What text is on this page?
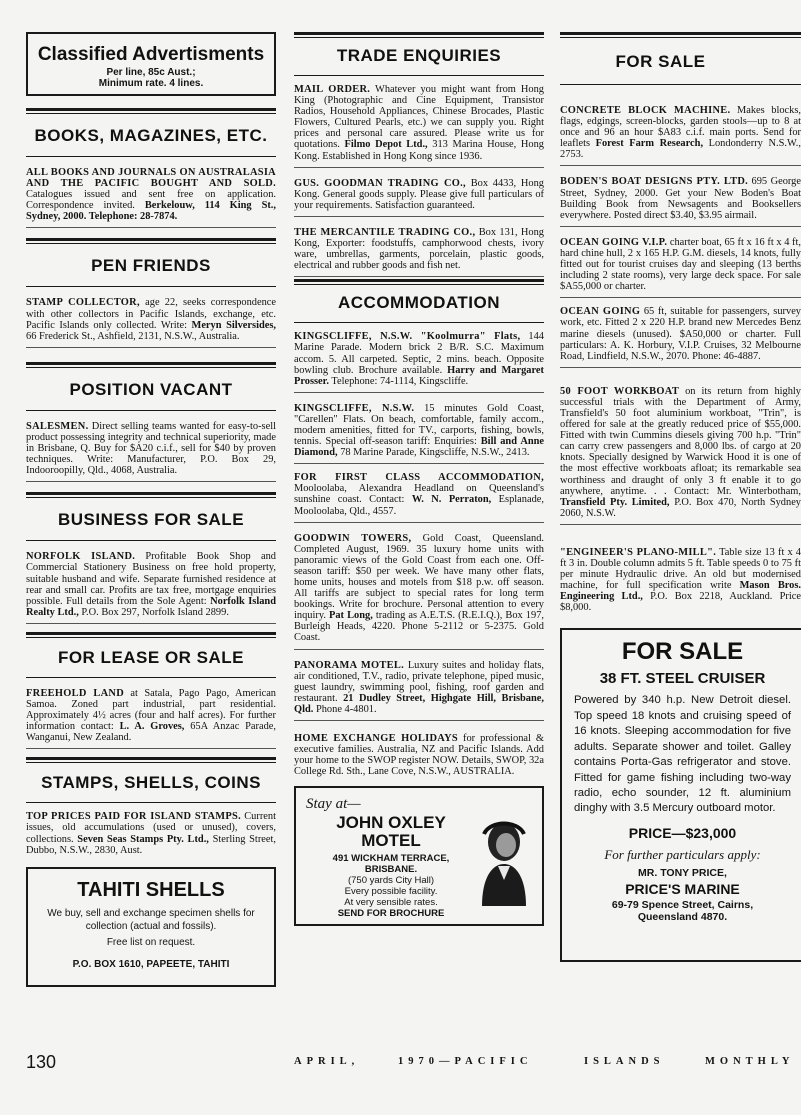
Classified Advertisments
Per line, 85c Aust.;
Minimum rate. 4 lines.
BOOKS, MAGAZINES, ETC.
ALL BOOKS AND JOURNALS ON AUSTRALASIA AND THE PACIFIC BOUGHT AND SOLD. Catalogues issued and sent free on application. Correspondence invited. Berkelouw, 114 King St., Sydney, 2000. Telephone: 28-7874.
PEN FRIENDS
STAMP COLLECTOR, age 22, seeks correspondence with other collectors in Pacific Islands, exchange, etc. Pacific Islands only collected. Write: Meryn Silversides, 66 Frederick St., Ashfield, 2131, N.S.W., Australia.
POSITION VACANT
SALESMEN. Direct selling teams wanted for easy-to-sell product possessing integrity and technical superiority, made in Brisbane, Q. Buy for $A20 c.i.f., sell for $40 by proven techniques. Write: Manufacturer, P.O. Box 29, Indooroopilly, Qld., 4068, Australia.
BUSINESS FOR SALE
NORFOLK ISLAND. Profitable Book Shop and Commercial Stationery Business on free hold property, suitable husband and wife. Separate furnished residence at rear and small car. Profits are tax free, mortgage enquiries possible. Full details from the Sole Agent: Norfolk Island Realty Ltd., P.O. Box 297, Norfolk Island 2899.
FOR LEASE OR SALE
FREEHOLD LAND at Satala, Pago Pago, American Samoa. Zoned part industrial, part residential. Approximately 4½ acres (four and half acres). For further information contact: L. A. Groves, 65A Anzac Parade, Wanganui, New Zealand.
STAMPS, SHELLS, COINS
TOP PRICES PAID FOR ISLAND STAMPS. Current issues, old accumulations (used or unused), covers, collections. Seven Seas Stamps Pty. Ltd., Sterling Street, Dubbo, N.S.W., 2830, Aust.
TAHITI SHELLS
We buy, sell and exchange specimen shells for collection (actual and fossils).
Free list on request.
P.O. BOX 1610, PAPEETE, TAHITI
TRADE ENQUIRIES
MAIL ORDER. Whatever you might want from Hong King (Photographic and Cine Equipment, Transistor Radios, Household Appliances, Chinese Brocades, Plastic Flowers, Cultured Pearls, etc.) we can supply you. Right prices and personal care assured. Please write us for quotations. Filmo Depot Ltd., 313 Marina House, Hong Kong. Established in Hong Kong since 1936.
GUS. GOODMAN TRADING CO., Box 4433, Hong Kong. General goods supply. Please give full particulars of your requirements. Satisfaction guaranteed.
THE MERCANTILE TRADING CO., Box 131, Hong Kong, Exporter: foodstuffs, camphorwood chests, ivory ware, umbrellas, garments, porcelain, plastic goods, electrical and rubber goods and fish net.
ACCOMMODATION
KINGSCLIFFE, N.S.W. "Koolmurra" Flats, 144 Marine Parade. Modern brick 2 B/R. S.C. Maximum accom. 5. All carpeted. Septic, 2 mins. beach. Opposite bowling club. Brochure available. Harry and Margaret Prosser. Telephone: 74-1114, Kingscliffe.
KINGSCLIFFE, N.S.W. 15 minutes Gold Coast, "Carellen" Flats. On beach, comfortable, family accom., modern amenities, fitted for TV., carports, fishing, bowls, tennis. Special off-season tariff: Enquiries: Bill and Anne Diamond, 78 Marine Parade, Kingscliffe, N.S.W., 2413.
FOR FIRST CLASS ACCOMMODATION, Mooloolaba, Alexandra Headland on Queensland's sunshine coast. Contact: W. N. Perraton, Esplanade, Mooloolaba, Qld., 4557.
GOODWIN TOWERS, Gold Coast, Queensland. Completed August, 1969. 35 luxury home units with panoramic views of the Gold Coast from each one. Off-season tariff: $50 per week. We have many other flats, home units, houses and motels from $18 p.w. off season. All tariffs are subject to special rates for long term bookings. Write for brochure. Personal attention to every inquiry. Pat Long, trading as A.E.T.S. (R.E.I.Q.), Box 197, Burleigh Heads, 4220. Phone 5-2112 or 5-2375. Gold Coast.
PANORAMA MOTEL. Luxury suites and holiday flats, air conditioned, T.V., radio, private telephone, piped music, guest laundry, swimming pool, fishing, roof garden and restaurant. 21 Dudley Street, Highgate Hill, Brisbane, Qld. Phone 4-4801.
HOME EXCHANGE HOLIDAYS for professional & executive families. Australia, NZ and Pacific Islands. Add your home to the SWOP register NOW. Details, SWOP, 32a College Rd. Sth., Lane Cove, N.S.W., AUSTRALIA.
Stay at—
JOHN OXLEY
MOTEL
491 WICKHAM TERRACE,
BRISBANE.
(750 yards City Hall)
Every possible facility.
At very sensible rates.
SEND FOR BROCHURE
FOR SALE
CONCRETE BLOCK MACHINE. Makes blocks, flags, edgings, screen-blocks, garden stools—up to 8 at once and 96 an hour $A83 c.i.f. main ports. Send for leaflets Forest Farm Research, Londonderry N.S.W., 2753.
BODEN'S BOAT DESIGNS PTY. LTD. 695 George Street, Sydney, 2000. Get your New Boden's Boat Building Book from Newsagents and Booksellers everywhere. Posted direct $3.40, $3.95 airmail.
OCEAN GOING V.I.P. charter boat, 65 ft x 16 ft x 4 ft, hard chine hull, 2 x 165 H.P. G.M. diesels, 14 knots, fully fitted out for tourist cruises day and sleeping (13 berths including 2 state rooms), very large deck space. For sale $A55,000 or charter.
OCEAN GOING 65 ft, suitable for passengers, survey work, etc. Fitted 2 x 220 H.P. brand new Mercedes Benz marine diesels (unused). $A50,000 or charter. Full particulars: A. K. Horbury, V.I.P. Cruises, 32 Melbourne Road, Lindfield, N.S.W., 2070. Phone: 46-4887.
50 FOOT WORKBOAT on its return from highly successful trials with the Department of Army, Transfield's 50 foot aluminium workboat, "Trin", is offered for sale at the greatly reduced price of $55,000. Fitted with twin Cummins diesels giving 700 h.p. "Trin" can carry crew passengers and 8,000 lbs. of cargo at 20 knots. Specially designed by Warwick Hood it is one of the most effective workboats afloat; its remarkable sea worthiness and draught of only 3 ft enable it to go anywhere, anytime. . . Contact: Mr. Winterbotham, Transfield Pty. Limited, P.O. Box 470, North Sydney 2060, N.S.W.
"ENGINEER'S PLANO-MILL". Table size 13 ft x 4 ft 3 in. Double column admits 5 ft. Table speeds 0 to 75 ft per minute Hydraulic drive. An old but modernised machine, for full specification write Mason Bros. Engineering Ltd., P.O. Box 2218, Auckland. Price $8,000.
FOR SALE
38 FT. STEEL CRUISER
Powered by 340 h.p. New Detroit diesel. Top speed 18 knots and cruising speed of 16 knots. Sleeping accommodation for five adults. Separate shower and toilet. Galley contains Porta-Gas refrigerator and stove. Fitted for game fishing including two-way radio, echo sounder, 12 ft. aluminium dinghy with 3.5 Mercury outboard motor.
PRICE—$23,000
For further particulars apply:
MR. TONY PRICE,
PRICE'S MARINE
69-79 Spence Street, Cairns,
Queensland 4870.
130	APRIL,	1970—PACIFIC	ISLANDS	MONTHLY
